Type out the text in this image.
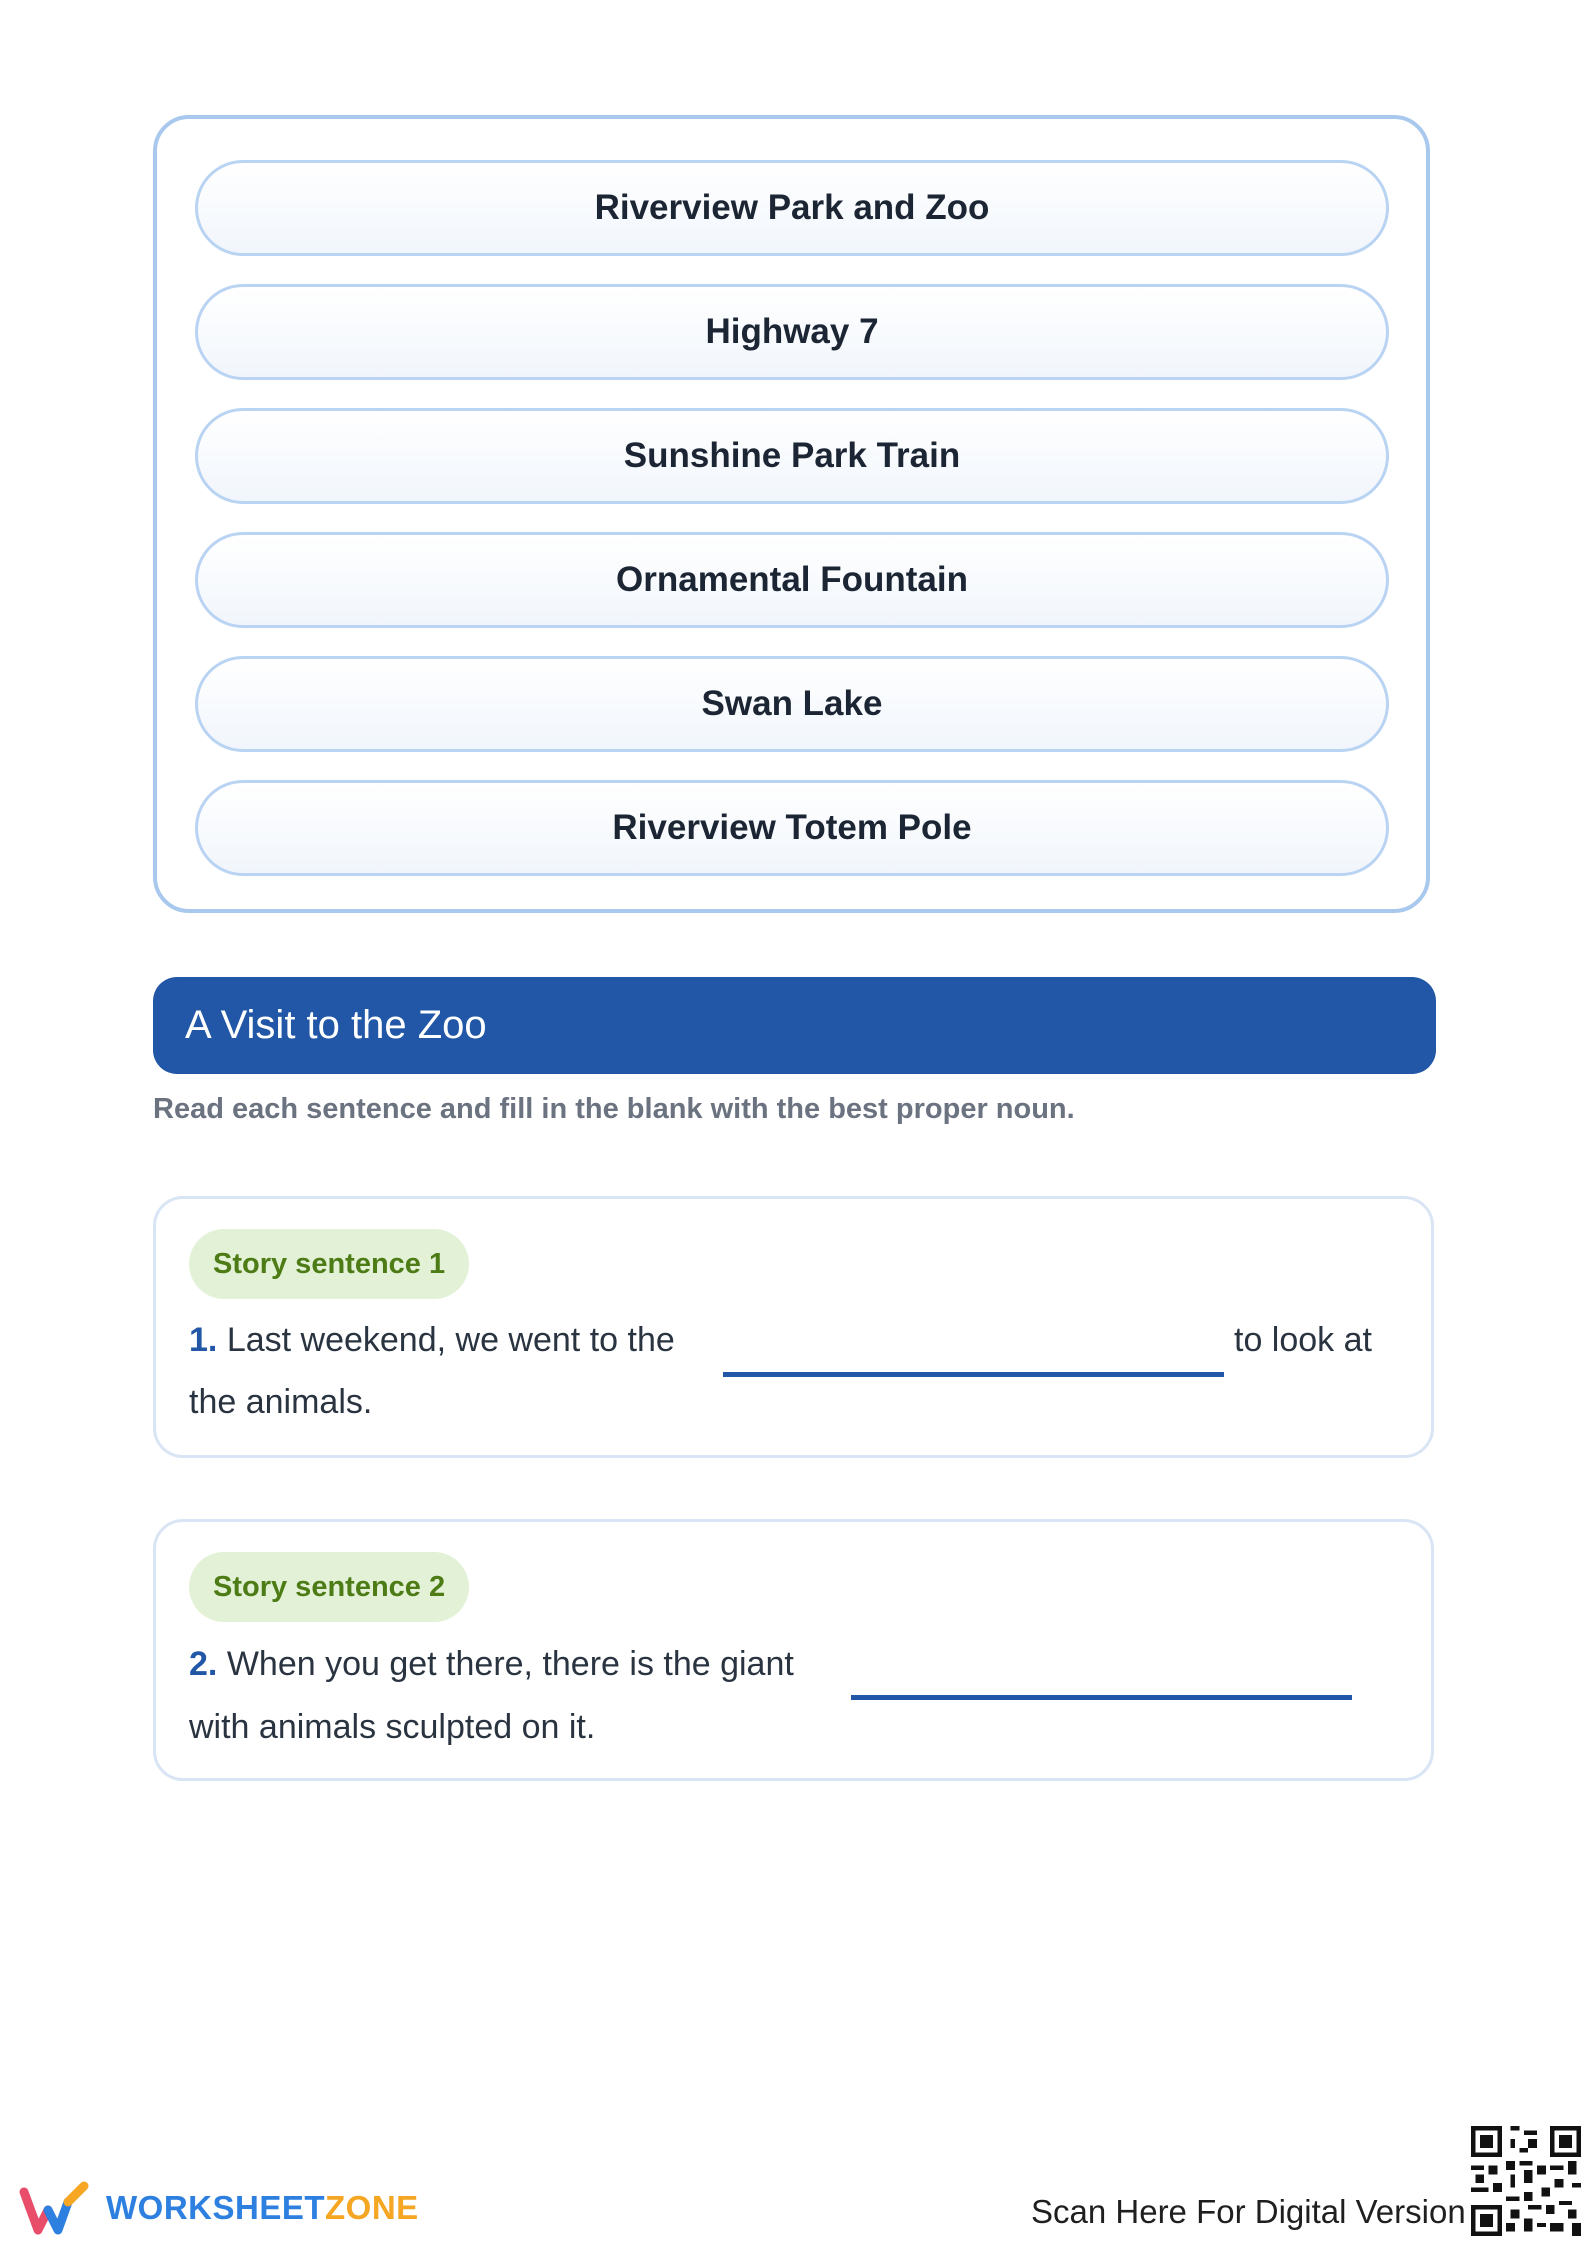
Riverview Park and Zoo
Highway 7
Sunshine Park Train
Ornamental Fountain
Swan Lake
Riverview Totem Pole
A Visit to the Zoo
Read each sentence and fill in the blank with the best proper noun.
Story sentence 1
1. Last weekend, we went to the	to look at
the animals.
Story sentence 2
2. When you get there, there is the giant
with animals sculpted on it.
WORKSHEETZONE	Scan Here For Digital Version
